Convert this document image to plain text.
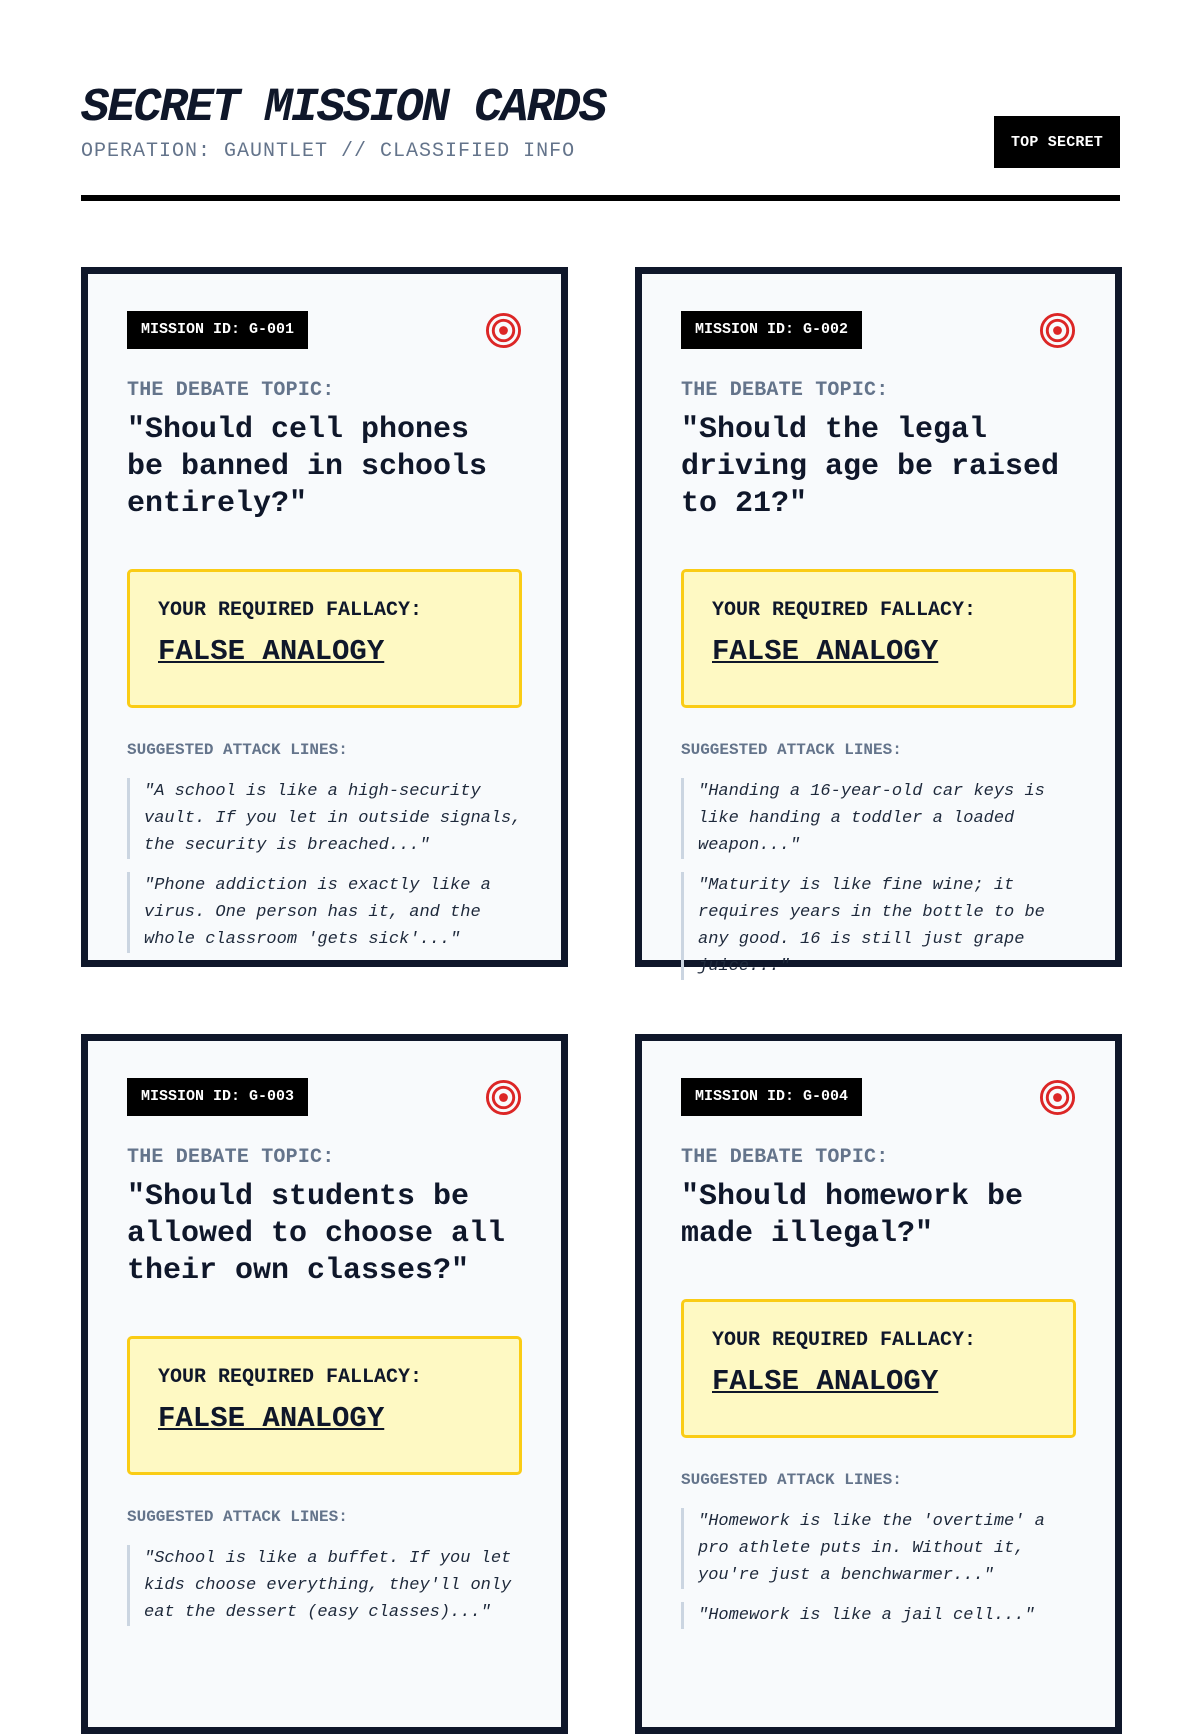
SECRET MISSION CARDS
OPERATION: GAUNTLET // CLASSIFIED INFO	TOP SECRET
MISSION ID: G-001
THE DEBATE TOPIC:
"Should cell phones be banned in schools entirely?"
YOUR REQUIRED FALLACY:
FALSE ANALOGY
SUGGESTED ATTACK LINES:
"A school is like a high-security vault. If you let in outside signals, the security is breached..."
"Phone addiction is exactly like a virus. One person has it, and the whole classroom 'gets sick'..."
MISSION ID: G-002
THE DEBATE TOPIC:
"Should the legal driving age be raised to 21?"
YOUR REQUIRED FALLACY:
FALSE ANALOGY
SUGGESTED ATTACK LINES:
"Handing a 16-year-old car keys is like handing a toddler a loaded weapon..."
"Maturity is like fine wine; it requires years in the bottle to be any good. 16 is still just grape juice..."
MISSION ID: G-003
THE DEBATE TOPIC:
"Should students be allowed to choose all their own classes?"
YOUR REQUIRED FALLACY:
FALSE ANALOGY
SUGGESTED ATTACK LINES:
"School is like a buffet. If you let kids choose everything, they'll only eat the dessert (easy classes)..."
MISSION ID: G-004
THE DEBATE TOPIC:
"Should homework be made illegal?"
YOUR REQUIRED FALLACY:
FALSE ANALOGY
SUGGESTED ATTACK LINES:
"Homework is like the 'overtime' a pro athlete puts in. Without it, you're just a benchwarmer..."
"Homework is like a jail cell..."
